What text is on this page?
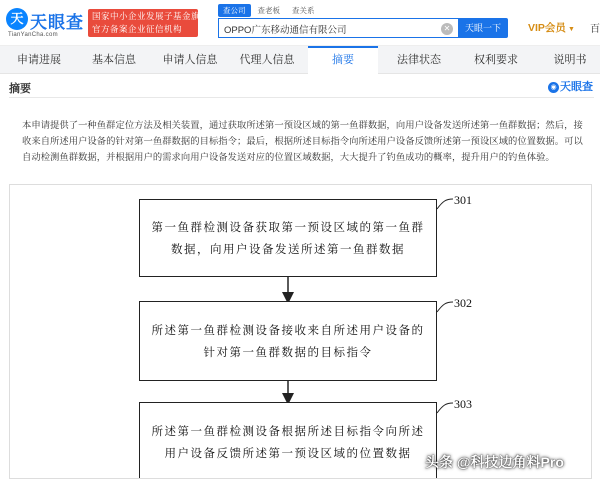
天 天眼查
TianYanCha.com
国家中小企业发展子基金旗下
官方备案企业征信机构
查公司	查老板	查关系
OPPO广东移动通信有限公司	✕	天眼一下	VIP会员 ▼ 百
申请进展	基本信息	申请人信息	代理人信息	摘要	法律状态	权利要求	说明书
摘要	◉ 天眼查
本申请提供了一种鱼群定位方法及相关装置，通过获取所述第一预设区域的第一鱼群数据，向用户设备发送所述第一鱼群数据；然后，接收来自所述用户设备的针对第一鱼群数据的目标指令；最后，根据所述目标指令向所述用户设备反馈所述第一预设区域的位置数据。可以自动检测鱼群数据，并根据用户的需求向用户设备发送对应的位置区域数据，大大提升了钓鱼成功的概率，提升用户的钓鱼体验。
第一鱼群检测设备获取第一预设区域的第一鱼群数据，向用户设备发送所述第一鱼群数据
301
所述第一鱼群检测设备接收来自所述用户设备的针对第一鱼群数据的目标指令
302
所述第一鱼群检测设备根据所述目标指令向所述用户设备反馈所述第一预设区域的位置数据
303
头条 @科技边角料Pro
